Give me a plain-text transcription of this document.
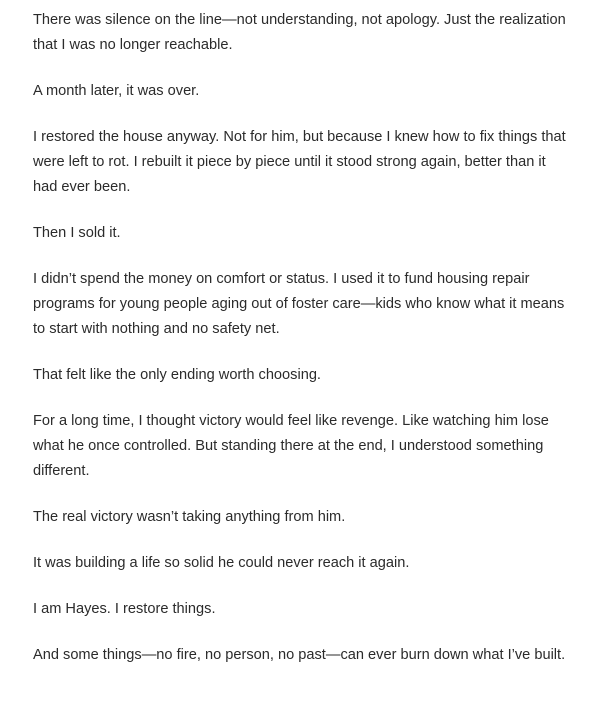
There was silence on the line—not understanding, not apology. Just the realization that I was no longer reachable.

A month later, it was over.

I restored the house anyway. Not for him, but because I knew how to fix things that were left to rot. I rebuilt it piece by piece until it stood strong again, better than it had ever been.

Then I sold it.

I didn’t spend the money on comfort or status. I used it to fund housing repair programs for young people aging out of foster care—kids who know what it means to start with nothing and no safety net.

That felt like the only ending worth choosing.

For a long time, I thought victory would feel like revenge. Like watching him lose what he once controlled. But standing there at the end, I understood something different.

The real victory wasn’t taking anything from him.

It was building a life so solid he could never reach it again.

I am Hayes. I restore things.

And some things—no fire, no person, no past—can ever burn down what I’ve built.
